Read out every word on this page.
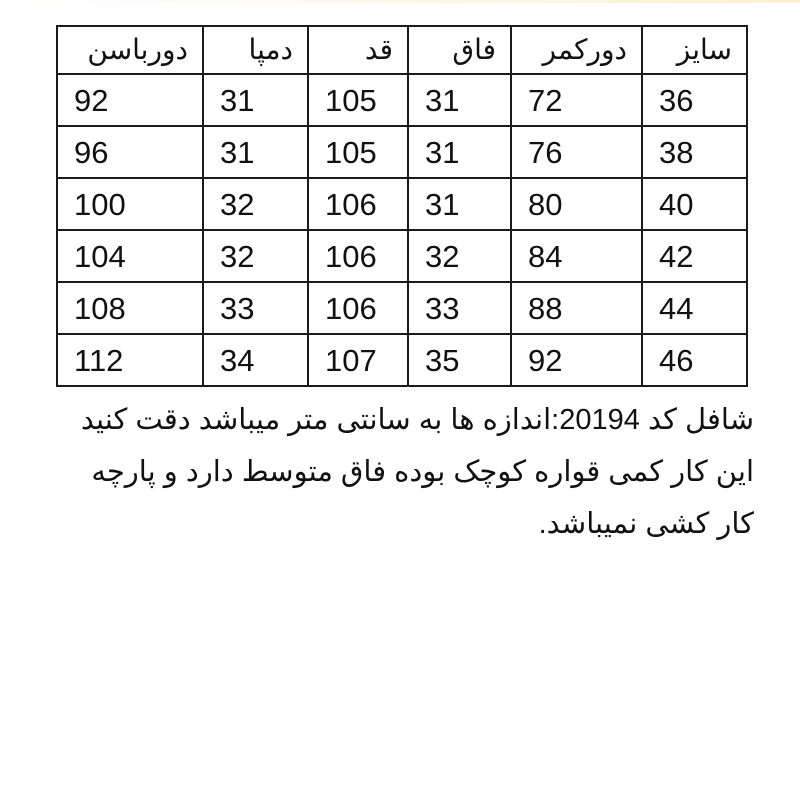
دورباسن	دمپا	قد	فاق	دورکمر	سایز
92	31	105	31	72	36
96	31	105	31	76	38
100	32	106	31	80	40
104	32	106	32	84	42
108	33	106	33	88	44
112	34	107	35	92	46
شافل کد 20194:اندازه ها به سانتی متر میباشد دقت کنید این کار کمی قواره کوچک بوده فاق متوسط دارد و پارچه کار کشی نمیباشد.
